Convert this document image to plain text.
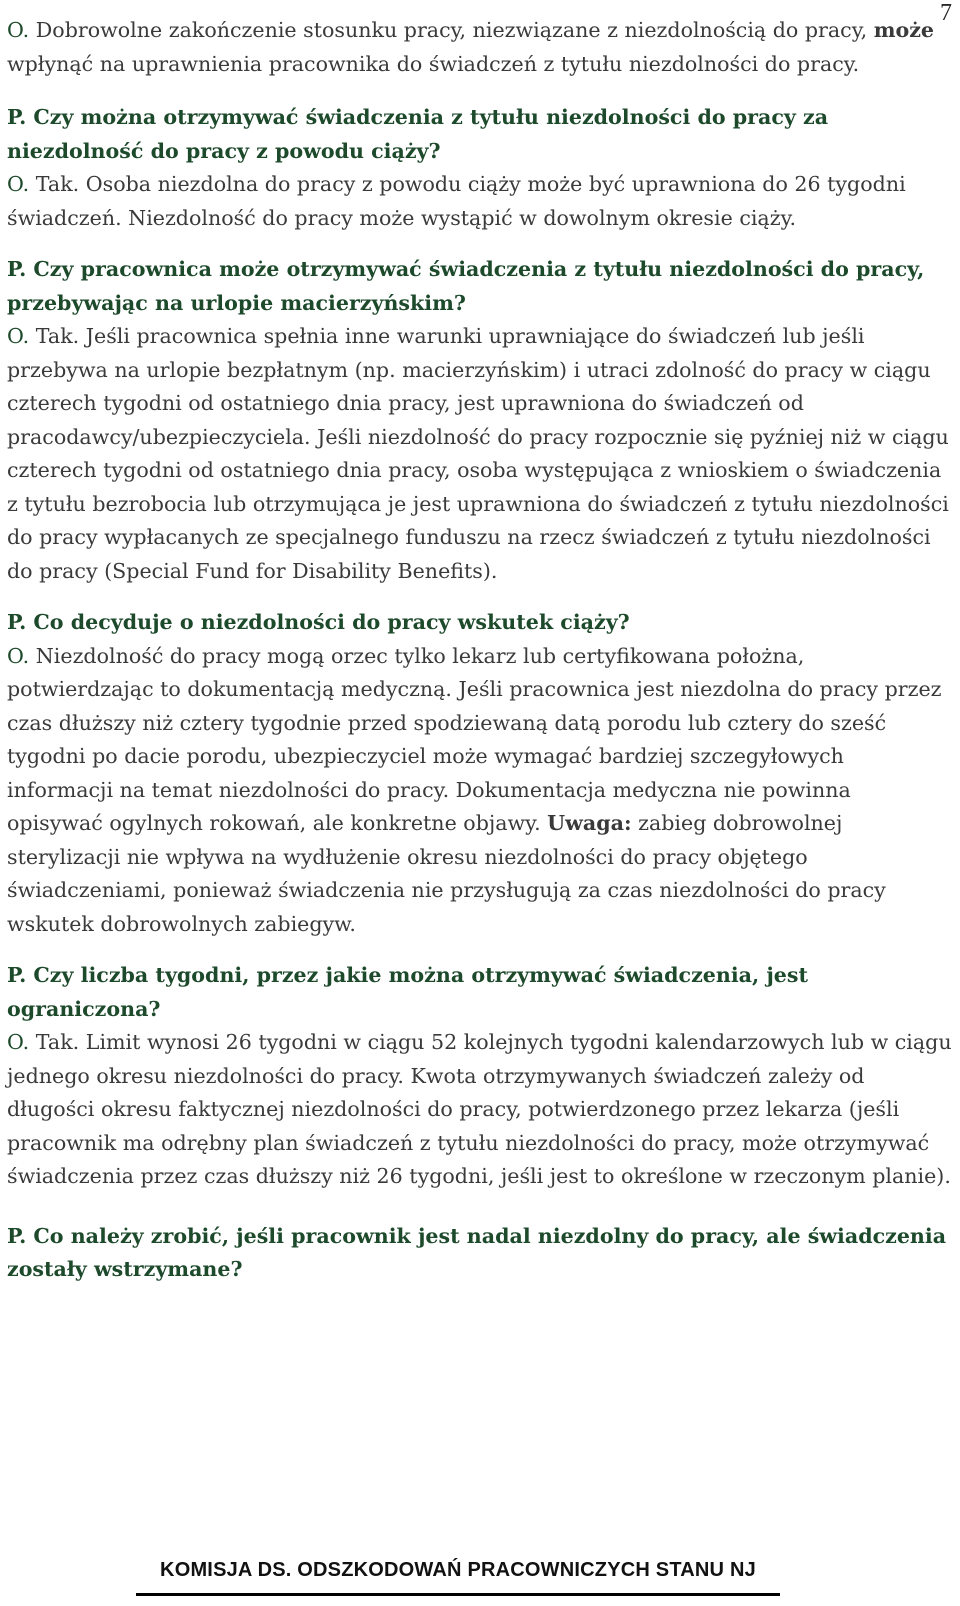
7

O. Dobrowolne zakończenie stosunku pracy, niezwiązane z niezdolnością do pracy, może wpłynąć na uprawnienia pracownika do świadczeń z tytułu niezdolności do pracy.

P. Czy można otrzymywać świadczenia z tytułu niezdolności do pracy za niezdolność do pracy z powodu ciąży?

O. Tak. Osoba niezdolna do pracy z powodu ciąży może być uprawniona do 26 tygodni świadczeń. Niezdolność do pracy może wystąpić w dowolnym okresie ciąży.

P. Czy pracownica może otrzymywać świadczenia z tytułu niezdolności do pracy, przebywając na urlopie macierzyńskim?

O. Tak. Jeśli pracownica spełnia inne warunki uprawniające do świadczeń lub jeśli przebywa na urlopie bezpłatnym (np. macierzyńskim) i utraci zdolność do pracy w ciągu czterech tygodni od ostatniego dnia pracy, jest uprawniona do świadczeń od pracodawcy/ubezpieczyciela. Jeśli niezdolność do pracy rozpocznie się pyźniej niż w ciągu czterech tygodni od ostatniego dnia pracy, osoba występująca z wnioskiem o świadczenia z tytułu bezrobocia lub otrzymująca je jest uprawniona do świadczeń z tytułu niezdolności do pracy wypłacanych ze specjalnego funduszu na rzecz świadczeń z tytułu niezdolności do pracy (Special Fund for Disability Benefits).

P. Co decyduje o niezdolności do pracy wskutek ciąży?

O. Niezdolność do pracy mogą orzec tylko lekarz lub certyfikowana położna, potwierdzając to dokumentacją medyczną. Jeśli pracownica jest niezdolna do pracy przez czas dłuższy niż cztery tygodnie przed spodziewaną datą porodu lub cztery do sześć tygodni po dacie porodu, ubezpieczyciel może wymagać bardziej szczegyłowych informacji na temat niezdolności do pracy. Dokumentacja medyczna nie powinna opisywać ogylnych rokowań, ale konkretne objawy. Uwaga: zabieg dobrowolnej sterylizacji nie wpływa na wydłużenie okresu niezdolności do pracy objętego świadczeniami, ponieważ świadczenia nie przysługują za czas niezdolności do pracy wskutek dobrowolnych zabiegyw.

P. Czy liczba tygodni, przez jakie można otrzymywać świadczenia, jest ograniczona?

O. Tak. Limit wynosi 26 tygodni w ciągu 52 kolejnych tygodni kalendarzowych lub w ciągu jednego okresu niezdolności do pracy. Kwota otrzymywanych świadczeń zależy od długości okresu faktycznej niezdolności do pracy, potwierdzonego przez lekarza (jeśli pracownik ma odrębny plan świadczeń z tytułu niezdolności do pracy, może otrzymywać świadczenia przez czas dłuższy niż 26 tygodni, jeśli jest to określone w rzeczonym planie).

P. Co należy zrobić, jeśli pracownik jest nadal niezdolny do pracy, ale świadczenia zostały wstrzymane?

KOMISJA DS. ODSZKODOWAŃ PRACOWNICZYCH STANU NJ
